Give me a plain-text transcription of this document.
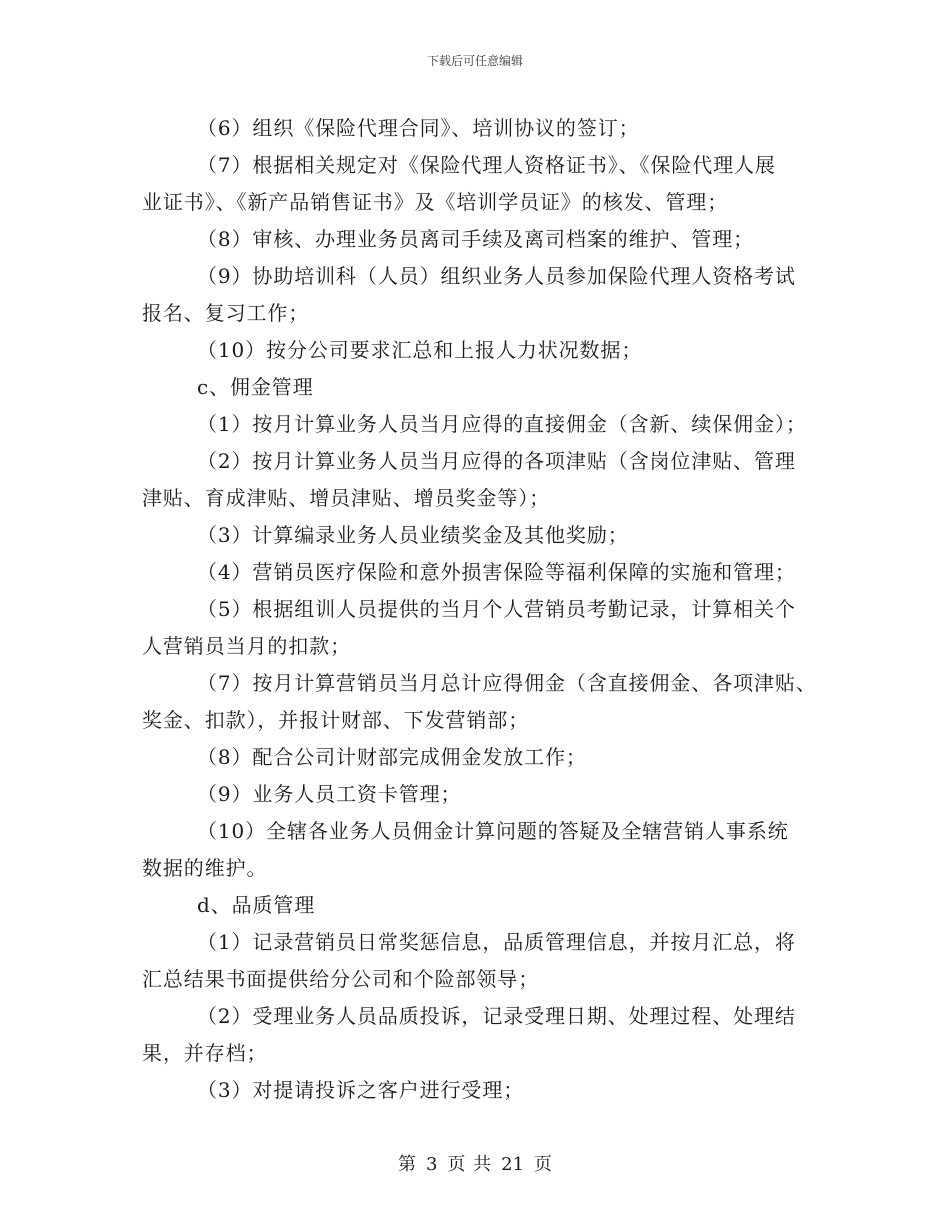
下载后可任意编辑
（6）组织《保险代理合同》、培训协议的签订；
（7）根据相关规定对《保险代理人资格证书》、《保险代理人展
业证书》、《新产品销售证书》及《培训学员证》的核发、管理；
（8）审核、办理业务员离司手续及离司档案的维护、管理；
（9）协助培训科（人员）组织业务人员参加保险代理人资格考试
报名、复习工作；
（10）按分公司要求汇总和上报人力状况数据；
c、佣金管理
（1）按月计算业务人员当月应得的直接佣金（含新、续保佣金）；
（2）按月计算业务人员当月应得的各项津贴（含岗位津贴、管理
津贴、育成津贴、增员津贴、增员奖金等）；
（3）计算编录业务人员业绩奖金及其他奖励；
（4）营销员医疗保险和意外损害保险等福利保障的实施和管理；
（5）根据组训人员提供的当月个人营销员考勤记录，计算相关个
人营销员当月的扣款；
（7）按月计算营销员当月总计应得佣金（含直接佣金、各项津贴、
奖金、扣款），并报计财部、下发营销部；
（8）配合公司计财部完成佣金发放工作；
（9）业务人员工资卡管理；
（10）全辖各业务人员佣金计算问题的答疑及全辖营销人事系统
数据的维护。
d、品质管理
（1）记录营销员日常奖惩信息，品质管理信息，并按月汇总，将
汇总结果书面提供给分公司和个险部领导；
（2）受理业务人员品质投诉，记录受理日期、处理过程、处理结
果，并存档；
（3）对提请投诉之客户进行受理；
第 3 页 共 21 页
